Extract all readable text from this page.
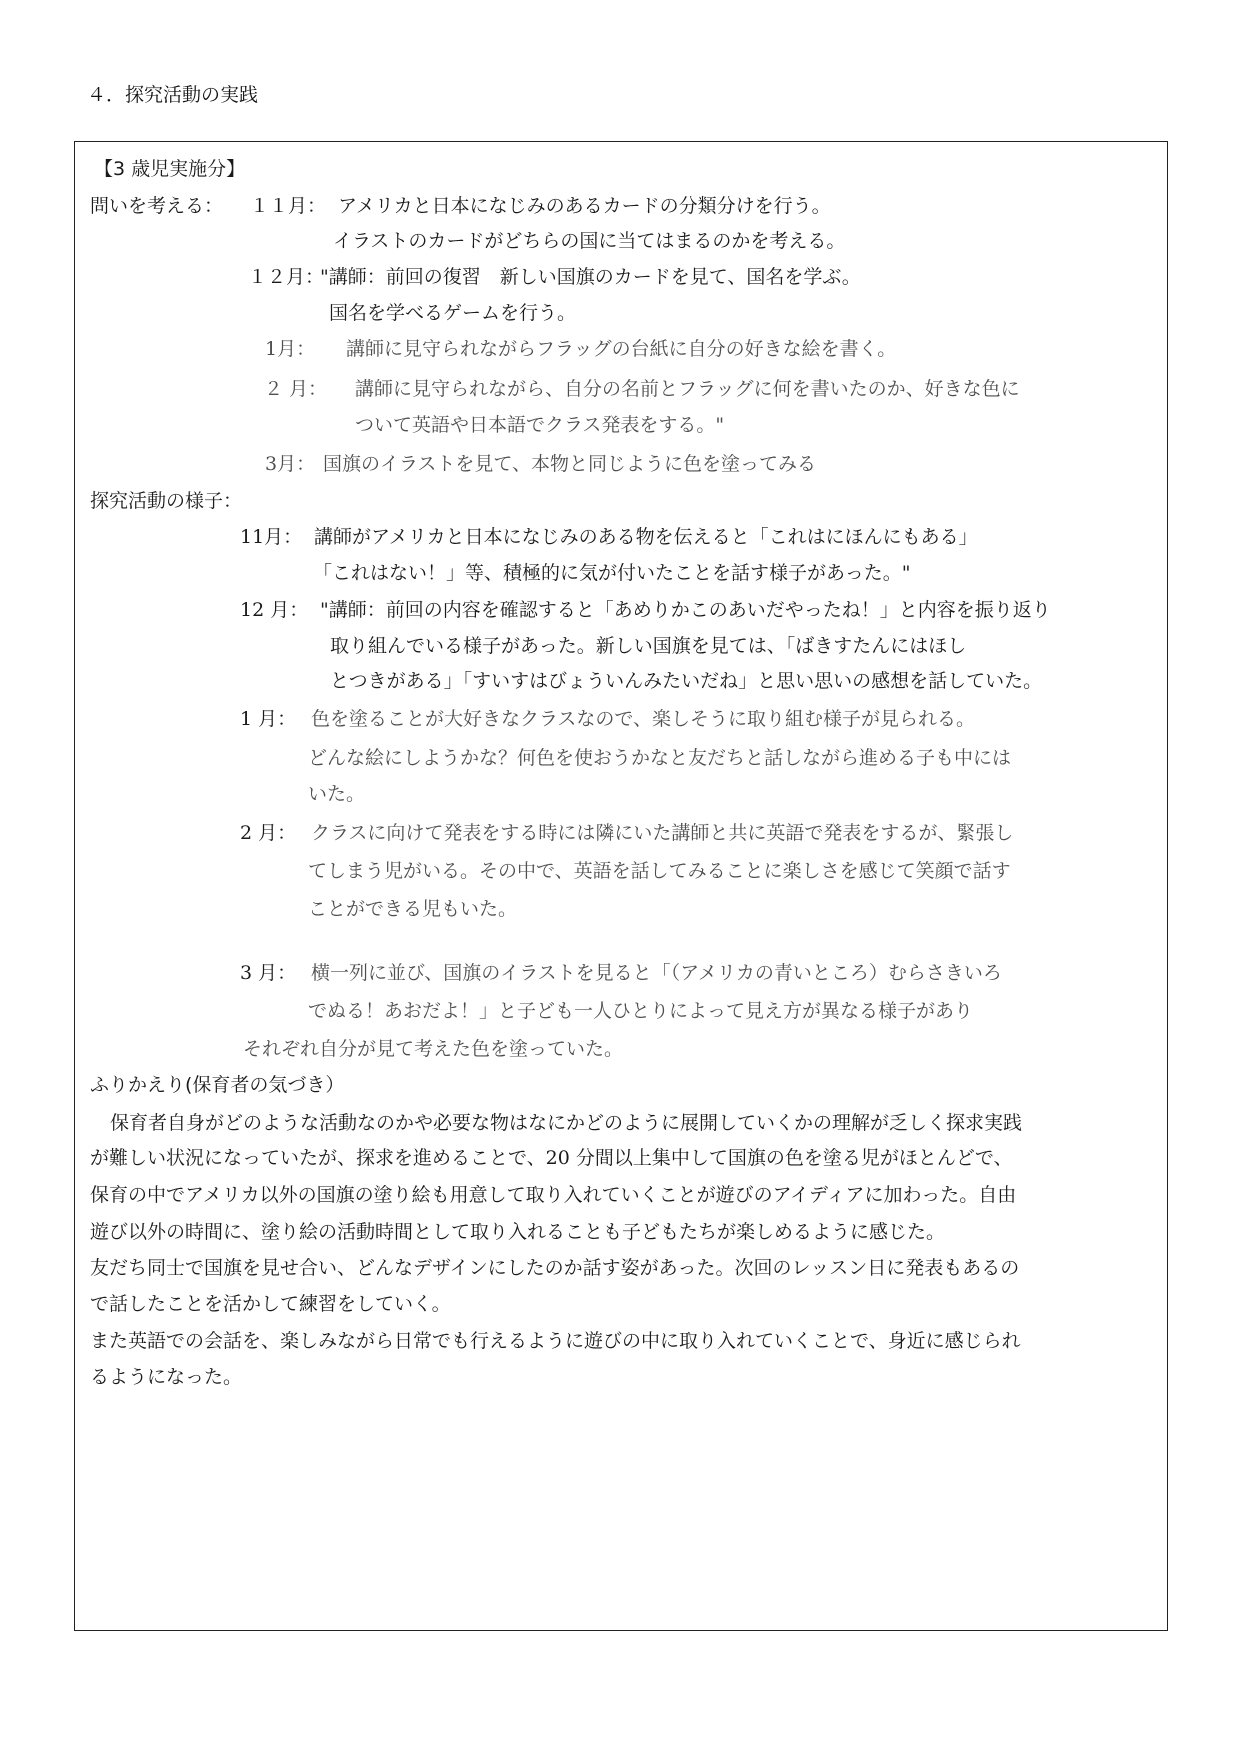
４．探究活動の実践
【3 歳児実施分】
問いを考える： １１月： アメリカと日本になじみのあるカードの分類分けを行う。
イラストのカードがどちらの国に当てはまるのかを考える。
１２月：
"講師：前回の復習　新しい国旗のカードを見て、国名を学ぶ。
国名を学べるゲームを行う。
1月： 講師に見守られながらフラッグの台紙に自分の好きな絵を書く。
２ 月： 講師に見守られながら、自分の名前とフラッグに何を書いたのか、好きな色に
ついて英語や日本語でクラス発表をする。"
3月： 国旗のイラストを見て、本物と同じように色を塗ってみる
探究活動の様子：
11月： 講師がアメリカと日本になじみのある物を伝えると「これはにほんにもある」
「これはない！」等、積極的に気が付いたことを話す様子があった。"
12 月： "講師：前回の内容を確認すると「あめりかこのあいだやったね！」と内容を振り返り
取り組んでいる様子があった。新しい国旗を見ては、「ばきすたんにはほし
とつきがある」「すいすはびょういんみたいだね」と思い思いの感想を話していた。
1 月： 色を塗ることが大好きなクラスなので、楽しそうに取り組む様子が見られる。
どんな絵にしようかな？何色を使おうかなと友だちと話しながら進める子も中には
いた。
2 月： クラスに向けて発表をする時には隣にいた講師と共に英語で発表をするが、緊張し
てしまう児がいる。その中で、英語を話してみることに楽しさを感じて笑顔で話す
ことができる児もいた。
3 月： 横一列に並び、国旗のイラストを見ると「（アメリカの青いところ）むらさきいろ
でぬる！あおだよ！」と子ども一人ひとりによって見え方が異なる様子があり
それぞれ自分が見て考えた色を塗っていた。
ふりかえり(保育者の気づき）
保育者自身がどのような活動なのかや必要な物はなにかどのように展開していくかの理解が乏しく探求実践
が難しい状況になっていたが、探求を進めることで、20 分間以上集中して国旗の色を塗る児がほとんどで、
保育の中でアメリカ以外の国旗の塗り絵も用意して取り入れていくことが遊びのアイディアに加わった。自由
遊び以外の時間に、塗り絵の活動時間として取り入れることも子どもたちが楽しめるように感じた。
友だち同士で国旗を見せ合い、どんなデザインにしたのか話す姿があった。次回のレッスン日に発表もあるの
で話したことを活かして練習をしていく。
また英語での会話を、楽しみながら日常でも行えるように遊びの中に取り入れていくことで、身近に感じられ
るようになった。
